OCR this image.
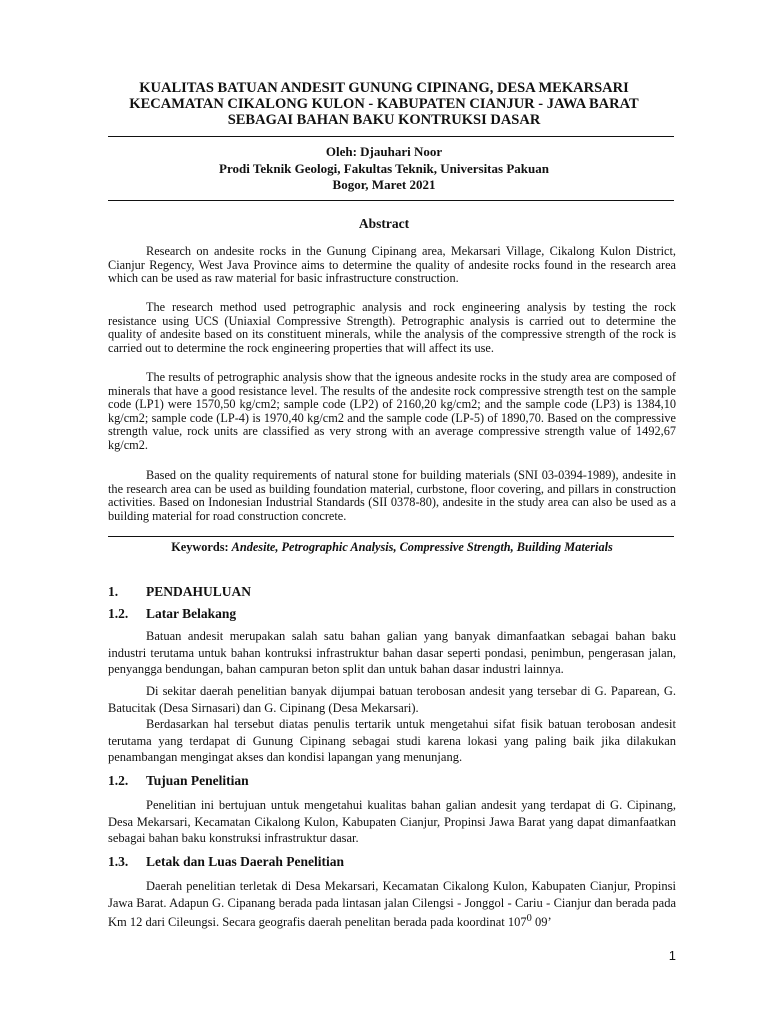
KUALITAS BATUAN ANDESIT GUNUNG CIPINANG, DESA MEKARSARI
KECAMATAN CIKALONG KULON - KABUPATEN CIANJUR - JAWA BARAT
SEBAGAI BAHAN BAKU KONTRUKSI DASAR
Oleh: Djauhari Noor
Prodi Teknik Geologi, Fakultas Teknik, Universitas Pakuan
Bogor, Maret 2021
Abstract

Research on andesite rocks in the Gunung Cipinang area, Mekarsari Village, Cikalong Kulon District, Cianjur Regency, West Java Province aims to determine the quality of andesite rocks found in the research area which can be used as raw material for basic infrastructure construction.

The research method used petrographic analysis and rock engineering analysis by testing the rock resistance using UCS (Uniaxial Compressive Strength). Petrographic analysis is carried out to determine the quality of andesite based on its constituent minerals, while the analysis of the compressive strength of the rock is carried out to determine the rock engineering properties that will affect its use.

The results of petrographic analysis show that the igneous andesite rocks in the study area are composed of minerals that have a good resistance level. The results of the andesite rock compressive strength test on the sample code (LP1) were 1570,50 kg/cm2; sample code (LP2) of 2160,20 kg/cm2; and the sample code (LP3) is 1384,10 kg/cm2; sample code (LP-4) is 1970,40 kg/cm2 and the sample code (LP-5) of 1890,70. Based on the compressive strength value, rock units are classified as very strong with an average compressive strength value of 1492,67 kg/cm2.

Based on the quality requirements of natural stone for building materials (SNI 03-0394-1989), andesite in the research area can be used as building foundation material, curbstone, floor covering, and pillars in construction activities. Based on Indonesian Industrial Standards (SII 0378-80), andesite in the study area can also be used as a building material for road construction concrete.

Keywords: Andesite, Petrographic Analysis, Compressive Strength, Building Materials
1. PENDAHULUAN
1.2. Latar Belakang

Batuan andesit merupakan salah satu bahan galian yang banyak dimanfaatkan sebagai bahan baku industri terutama untuk bahan kontruksi infrastruktur bahan dasar seperti pondasi, penimbun, pengerasan jalan, penyangga bendungan, bahan campuran beton split dan untuk bahan dasar industri lainnya.

Di sekitar daerah penelitian banyak dijumpai batuan terobosan andesit yang tersebar di G. Paparean, G. Batucitak (Desa Sirnasari) dan G. Cipinang (Desa Mekarsari).

Berdasarkan hal tersebut diatas penulis tertarik untuk mengetahui sifat fisik batuan terobosan andesit terutama yang terdapat di Gunung Cipinang sebagai studi karena lokasi yang paling baik jika dilakukan penambangan mengingat akses dan kondisi lapangan yang menunjang.

1.2. Tujuan Penelitian

Penelitian ini bertujuan untuk mengetahui kualitas bahan galian andesit yang terdapat di G. Cipinang, Desa Mekarsari, Kecamatan Cikalong Kulon, Kabupaten Cianjur, Propinsi Jawa Barat yang dapat dimanfaatkan sebagai bahan baku konstruksi infrastruktur dasar.

1.3. Letak dan Luas Daerah Penelitian

Daerah penelitian terletak di Desa Mekarsari, Kecamatan Cikalong Kulon, Kabupaten Cianjur, Propinsi Jawa Barat. Adapun G. Cipanang berada pada lintasan jalan Cilengsi - Jonggol - Cariu - Cianjur dan berada pada Km 12 dari Cileungsi. Secara geografis daerah penelitan berada pada koordinat $107^0$ 09’

1
